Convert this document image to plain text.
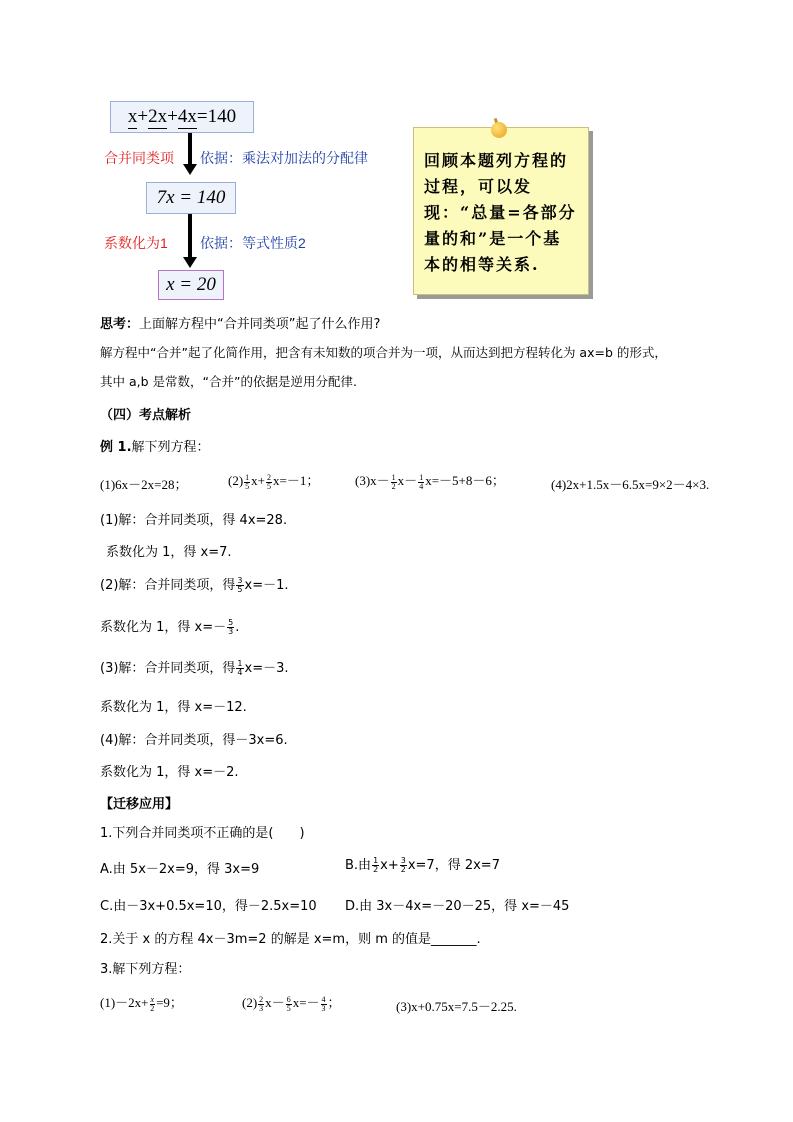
x + 2x + 4x =140
合并同类项 依据：乘法对加法的分配律
7x = 140
系数化为1 依据：等式性质2
x = 20
回顾本题列方程的过程，可以发现：“总量=各部分量的和”是一个基本的相等关系.
思考：上面解方程中“合并同类项”起了什么作用?
解方程中“合并”起了化简作用，把含有未知数的项合并为一项，从而达到把方程转化为 ax=b 的形式，
其中 a,b 是常数，“合并”的依据是逆用分配律.
（四）考点解析
例 1.解下列方程：
(1)6x－2x=28；	$(2) \frac{1}{5} x+ \frac{2}{5} x=-1$；	$(3)x- \frac{1}{2} x- \frac{1}{4} x=-5+8-6$；	(4)2x+1.5x－6.5x=9×2－4×3.
(1)解：合并同类项，得 4x=28.
系数化为 1，得 x=7.
(2)解：合并同类项，得 $\frac{3}{5} x=-1$.
系数化为 1，得 $x=- \frac{5}{3}$ .
(3)解：合并同类项，得 $\frac{1}{4} x=-3$.
系数化为 1，得 x=－12.
(4)解：合并同类项，得－3x=6.
系数化为 1，得 x=－2.
【迁移应用】
1.下列合并同类项不正确的是(　　)
A.由 5x－2x=9，得 3x=9	B.由 $\frac{1}{2} x+ \frac{3}{2} x=7$，得 2x=7
C.由－3x+0.5x=10，得－2.5x=10 D.由 3x－4x=－20－25，得 x=－45
2.关于 x 的方程 4x－3m=2 的解是 x=m，则 m 的值是_______.
3.解下列方程：
$(1)-2x+ \frac{x}{2} =9$；	$(2) \frac{2}{3} x- \frac{6}{5} x=- \frac{4}{3}$ ；	(3)x+0.75x=7.5－2.25.
